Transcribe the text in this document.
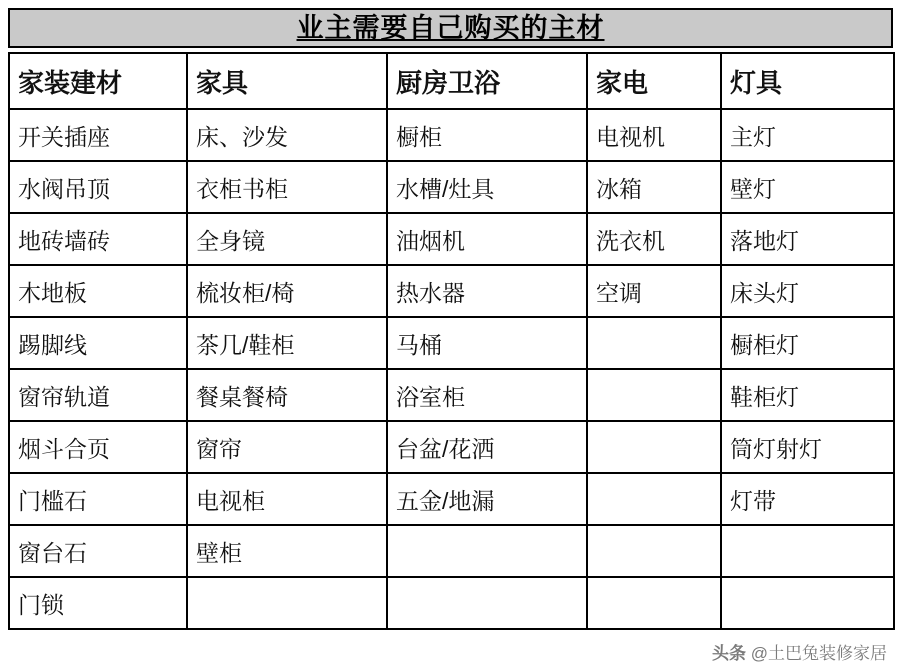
业主需要自己购买的主材
家装建材	家具	厨房卫浴	家电	灯具
开关插座	床、沙发	橱柜	电视机	主灯
水阀吊顶	衣柜书柜	水槽/灶具	冰箱	壁灯
地砖墙砖	全身镜	油烟机	洗衣机	落地灯
木地板	梳妆柜/椅	热水器	空调	床头灯
踢脚线	茶几/鞋柜	马桶		橱柜灯
窗帘轨道	餐桌餐椅	浴室柜		鞋柜灯
烟斗合页	窗帘	台盆/花洒		筒灯射灯
门槛石	电视柜	五金/地漏		灯带
窗台石	壁柜			
门锁				
头条 @土巴兔装修家居
